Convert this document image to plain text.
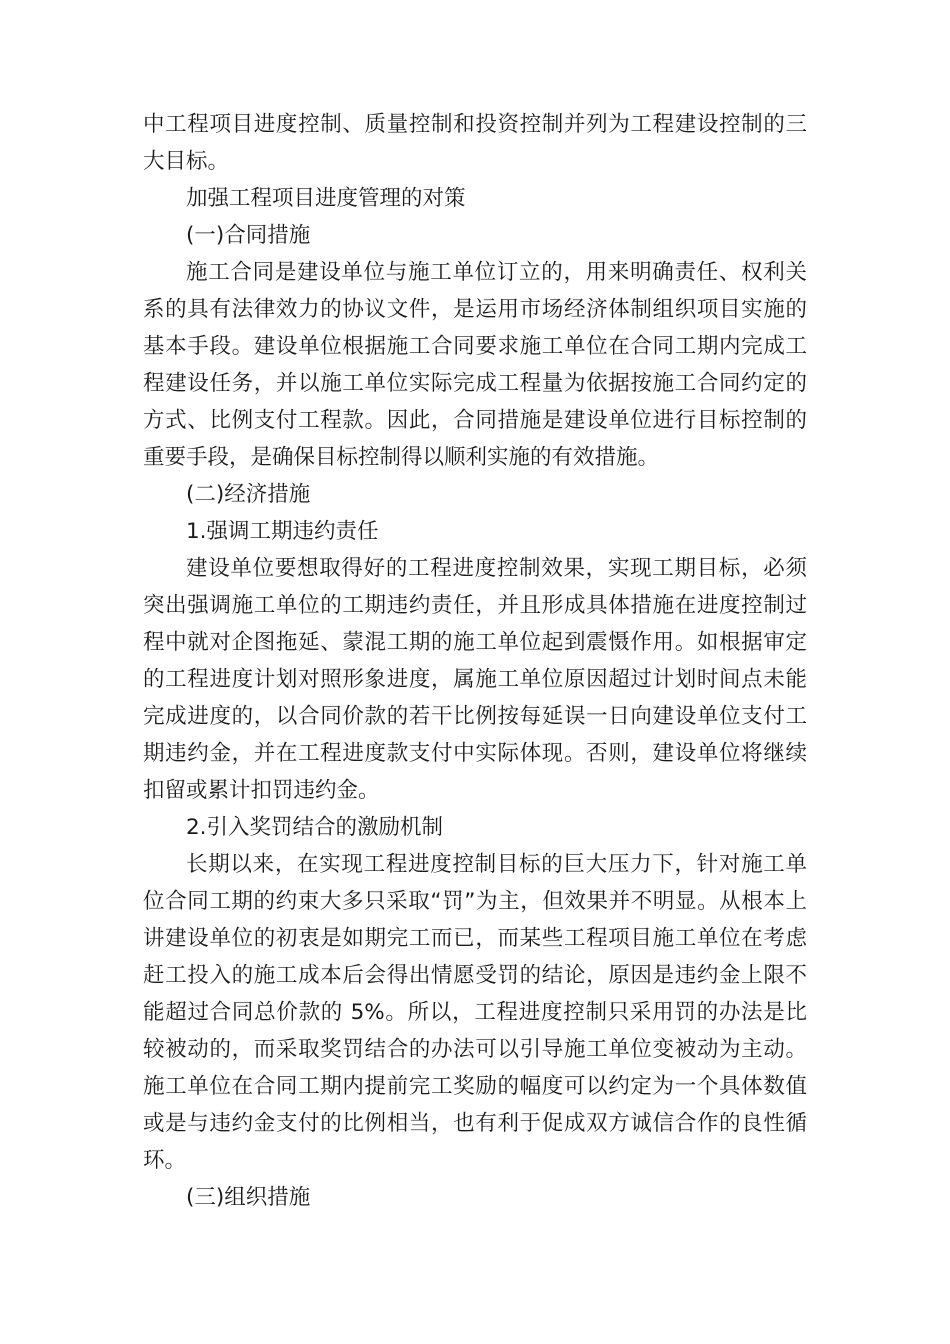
中工程项目进度控制、质量控制和投资控制并列为工程建设控制的三大目标。

加强工程项目进度管理的对策

(一)合同措施

施工合同是建设单位与施工单位订立的，用来明确责任、权利关系的具有法律效力的协议文件，是运用市场经济体制组织项目实施的基本手段。建设单位根据施工合同要求施工单位在合同工期内完成工程建设任务，并以施工单位实际完成工程量为依据按施工合同约定的方式、比例支付工程款。因此，合同措施是建设单位进行目标控制的重要手段，是确保目标控制得以顺利实施的有效措施。

(二)经济措施

1.强调工期违约责任

建设单位要想取得好的工程进度控制效果，实现工期目标，必须突出强调施工单位的工期违约责任，并且形成具体措施在进度控制过程中就对企图拖延、蒙混工期的施工单位起到震慑作用。如根据审定的工程进度计划对照形象进度，属施工单位原因超过计划时间点未能完成进度的，以合同价款的若干比例按每延误一日向建设单位支付工期违约金，并在工程进度款支付中实际体现。否则，建设单位将继续扣留或累计扣罚违约金。

2.引入奖罚结合的激励机制

长期以来，在实现工程进度控制目标的巨大压力下，针对施工单位合同工期的约束大多只采取“罚”为主，但效果并不明显。从根本上讲建设单位的初衷是如期完工而已，而某些工程项目施工单位在考虑赶工投入的施工成本后会得出情愿受罚的结论，原因是违约金上限不能超过合同总价款的 5%。所以，工程进度控制只采用罚的办法是比较被动的，而采取奖罚结合的办法可以引导施工单位变被动为主动。施工单位在合同工期内提前完工奖励的幅度可以约定为一个具体数值或是与违约金支付的比例相当，也有利于促成双方诚信合作的良性循环。

(三)组织措施
